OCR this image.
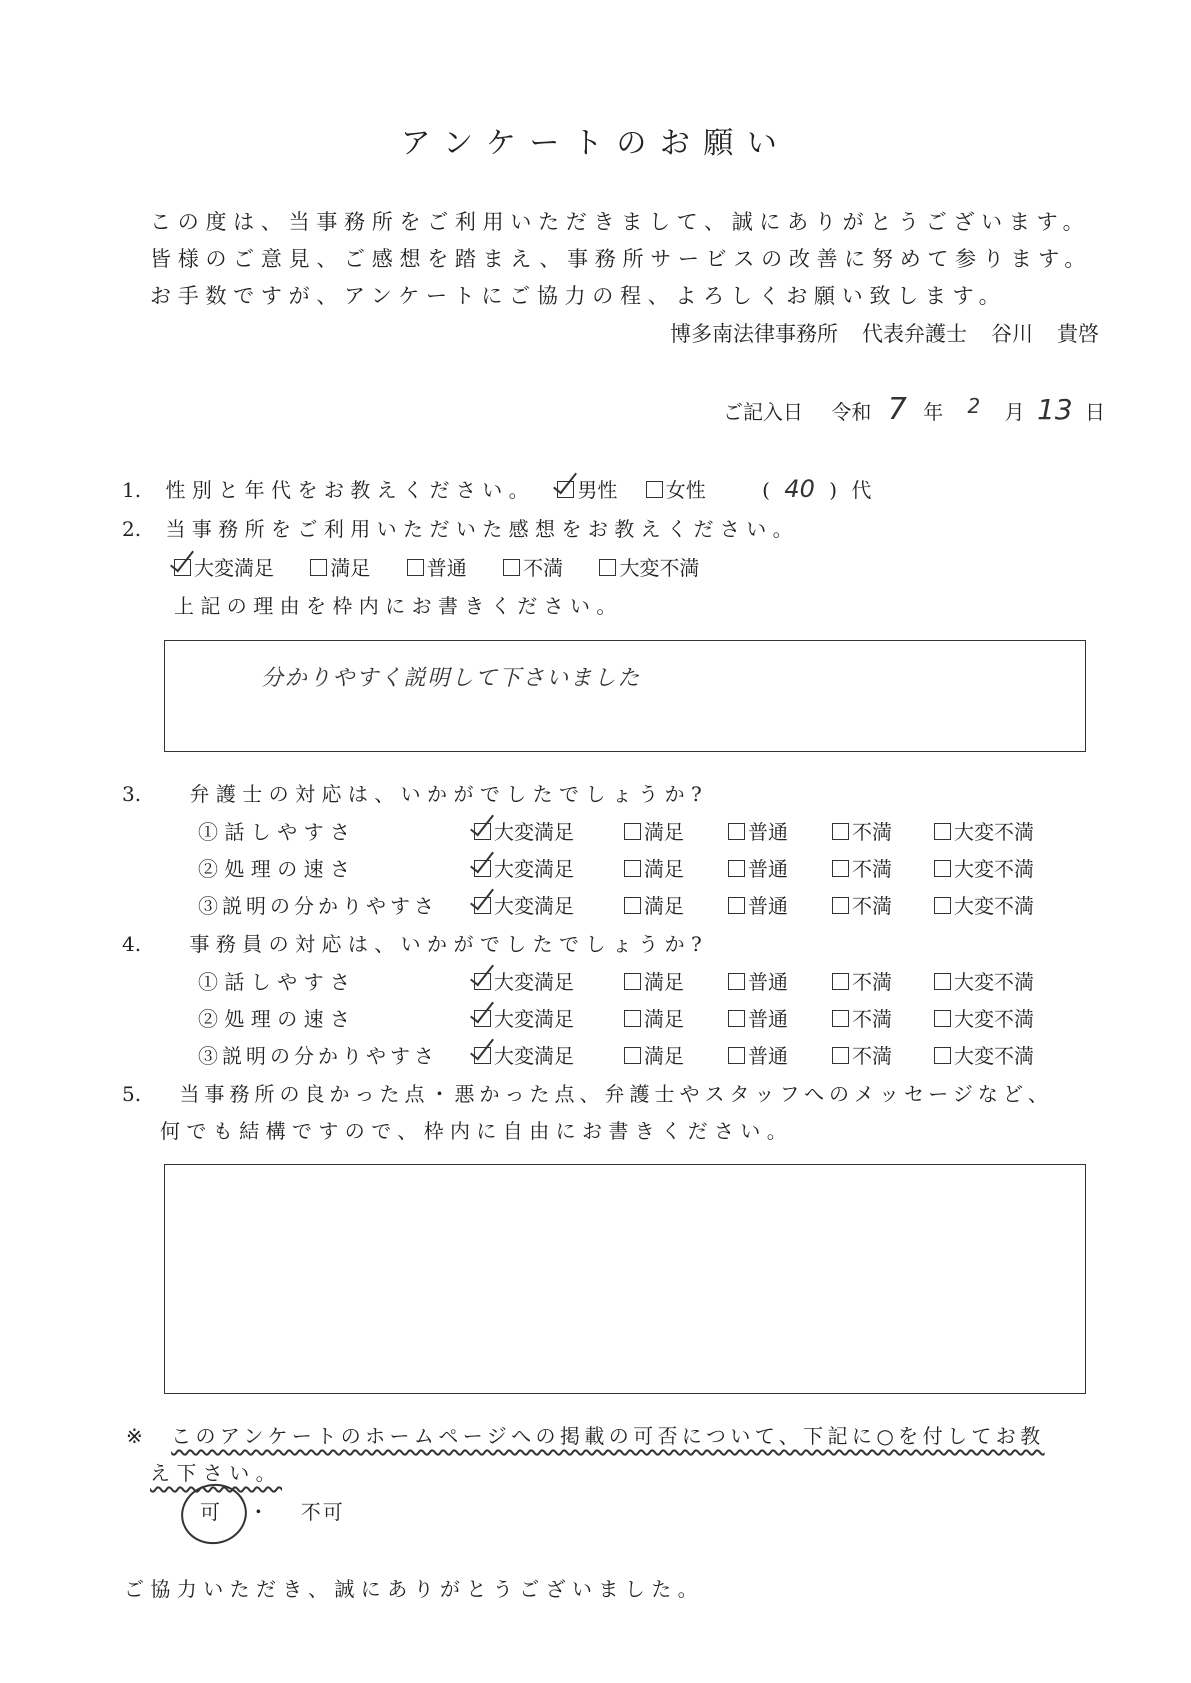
アンケートのお願い
この度は、当事務所をご利用いただきまして、誠にありがとうございます。
皆様のご意見、ご感想を踏まえ、事務所サービスの改善に努めて参ります。
お手数ですが、アンケートにご協力の程、よろしくお願い致します。
博多南法律事務所 代表弁護士 谷川 貴啓
ご記入日 令和 7 年 2 月 13 日
1. 性別と年代をお教えください。 男性 女性	( 40 ) 代
2. 当事務所をご利用いただいた感想をお教えください。
大変満足	満足	普通	不満	大変不満
上記の理由を枠内にお書きください。
分かりやすく説明して下さいました
3. 弁護士の対応は、いかがでしたでしょうか?
①話しやすさ	大変満足	満足	普通	不満	大変不満
②処理の速さ	大変満足	満足	普通	不満	大変不満
③説明の分かりやすさ	大変満足	満足	普通	不満	大変不満
4. 事務員の対応は、いかがでしたでしょうか?
①話しやすさ	大変満足	満足	普通	不満	大変不満
②処理の速さ	大変満足	満足	普通	不満	大変不満
③説明の分かりやすさ	大変満足	満足	普通	不満	大変不満
5. 当事務所の良かった点・悪かった点、弁護士やスタッフへのメッセージなど、
何でも結構ですので、枠内に自由にお書きください。
※ このアンケートのホームページへの掲載の可否について、下記に○を付してお教
え下さい。
可 ・ 不可
ご協力いただき、誠にありがとうございました。
